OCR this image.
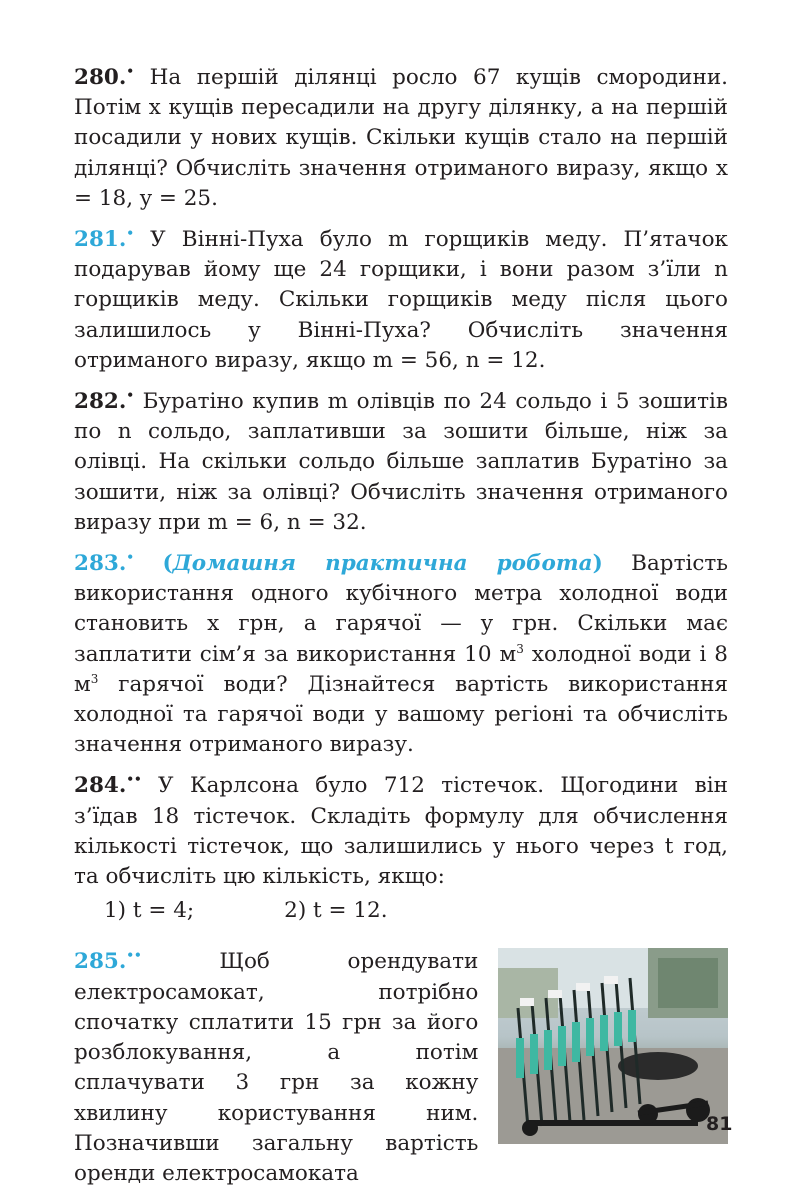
280.• На першій ділянці росло 67 кущів смородини. Потім x кущів пересадили на другу ділянку, а на першій посадили y нових кущів. Скільки кущів стало на першій ділянці? Обчисліть значення отриманого виразу, якщо x = 18, y = 25.

281.• У Вінні-Пуха було m горщиків меду. П’ятачок подарував йому ще 24 горщики, і вони разом з’їли n горщиків меду. Скільки горщиків меду після цього залишилось у Вінні-Пуха? Обчисліть значення отриманого виразу, якщо m = 56, n = 12.

282.• Буратіно купив m олівців по 24 сольдо і 5 зошитів по n сольдо, заплативши за зошити більше, ніж за олівці. На скільки сольдо більше заплатив Буратіно за зошити, ніж за олівці? Обчисліть значення отриманого виразу при m = 6, n = 32.

283.• (Домашня практична робота) Вартість використання одного кубічного метра холодної води становить x грн, а гарячої — y грн. Скільки має заплатити сім’я за використання 10 $м^3$ холодної води і 8 $м^3$ гарячої води? Дізнайтеся вартість використання холодної та гарячої води у вашому регіоні та обчисліть значення отриманого виразу.

284.•• У Карлсона було 712 тістечок. Щогодини він з’їдав 18 тістечок. Складіть формулу для обчислення кількості тістечок, що залишились у нього через t год, та обчисліть цю кількість, якщо:

1) t = 4;	2) t = 12.
285.•• Щоб орендувати електросамокат, потрібно спочатку сплатити 15 грн за його розблокування, а потім сплачувати 3 грн за кожну хвилину користування ним. Позначивши загальну вартість оренди електросамоката
81
